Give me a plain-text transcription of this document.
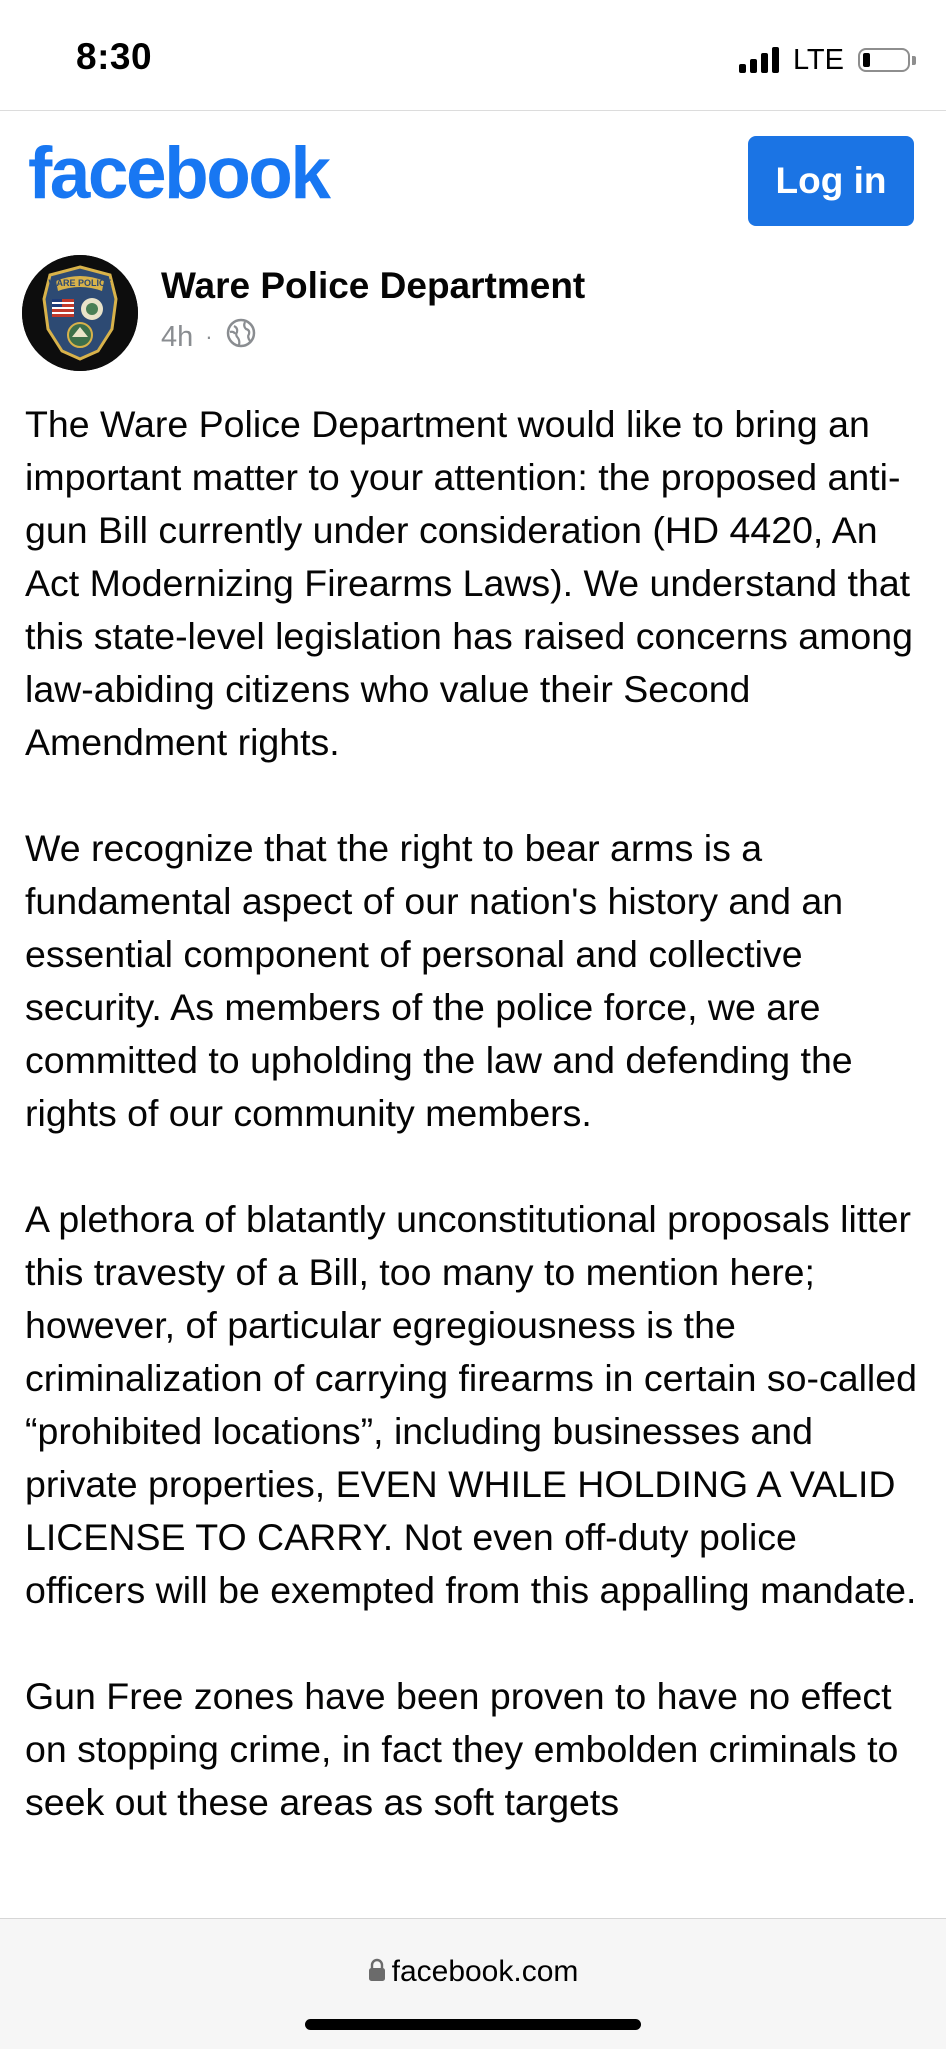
8:30	LTE
facebook	Log in
WARE POLICE Ware Police Department
4h ·

The Ware Police Department would like to bring an important matter to your attention: the proposed anti-gun Bill currently under consideration (HD 4420, An Act Modernizing Firearms Laws). We understand that this state-level legislation has raised concerns among law-abiding citizens who value their Second Amendment rights.

We recognize that the right to bear arms is a fundamental aspect of our nation's history and an essential component of personal and collective security. As members of the police force, we are committed to upholding the law and defending the rights of our community members.

A plethora of blatantly unconstitutional proposals litter this travesty of a Bill, too many to mention here; however, of particular egregiousness is the criminalization of carrying firearms in certain so-called “prohibited locations”, including businesses and private properties, EVEN WHILE HOLDING A VALID LICENSE TO CARRY. Not even off-duty police officers will be exempted from this appalling mandate.

Gun Free zones have been proven to have no effect on stopping crime, in fact they embolden criminals to seek out these areas as soft targets

facebook.com
